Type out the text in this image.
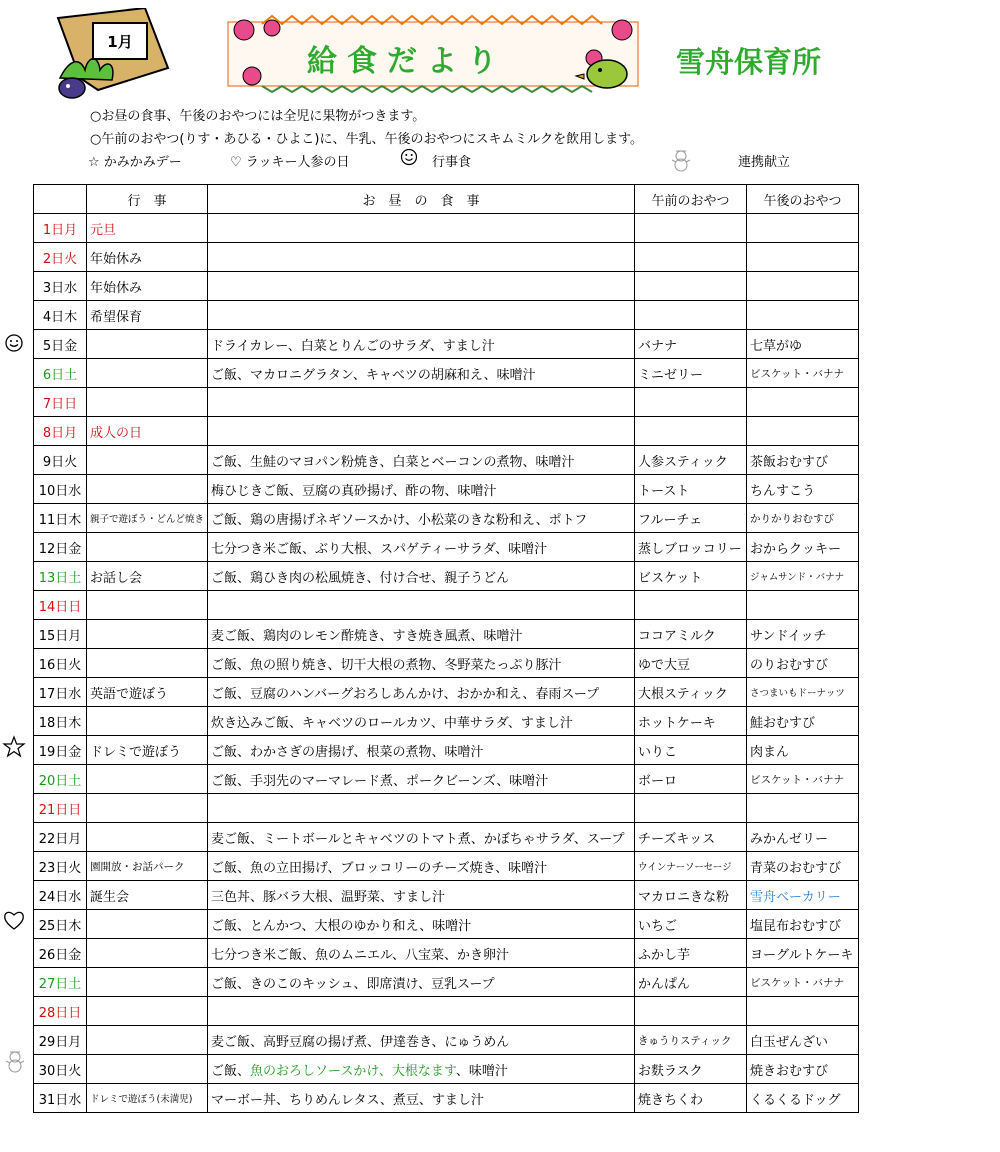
1月
給食だより	雪舟保育所
○お昼の食事、午後のおやつには全児に果物がつきます。
○午前のおやつ(りす・あひる・ひよこ)に、牛乳、午後のおやつにスキムミルクを飲用します。
☆ かみかみデー	♡ ラッキー人参の日	行事食	連携献立
	行　事	お　昼　の　食　事	午前のおやつ	午後のおやつ
1日月	元旦			
2日火	年始休み			
3日水	年始休み			
4日木	希望保育			
5日金		ドライカレー、白菜とりんごのサラダ、すまし汁	バナナ	七草がゆ
6日土		ご飯、マカロニグラタン、キャベツの胡麻和え、味噌汁	ミニゼリー	ビスケット・バナナ
7日日				
8日月	成人の日			
9日火		ご飯、生鮭のマヨパン粉焼き、白菜とベーコンの煮物、味噌汁	人参スティック	茶飯おむすび
10日水		梅ひじきご飯、豆腐の真砂揚げ、酢の物、味噌汁	トースト	ちんすこう
11日木	親子で遊ぼう・どんど焼き	ご飯、鶏の唐揚げネギソースかけ、小松菜のきな粉和え、ポトフ	フルーチェ	かりかりおむすび
12日金		七分つき米ご飯、ぶり大根、スパゲティーサラダ、味噌汁	蒸しブロッコリー	おからクッキー
13日土	お話し会	ご飯、鶏ひき肉の松風焼き、付け合せ、親子うどん	ビスケット	ジャムサンド・バナナ
14日日				
15日月		麦ご飯、鶏肉のレモン酢焼き、すき焼き風煮、味噌汁	ココアミルク	サンドイッチ
16日火		ご飯、魚の照り焼き、切干大根の煮物、冬野菜たっぷり豚汁	ゆで大豆	のりおむすび
17日水	英語で遊ぼう	ご飯、豆腐のハンバーグおろしあんかけ、おかか和え、春雨スープ	大根スティック	さつまいもドーナッツ
18日木		炊き込みご飯、キャベツのロールカツ、中華サラダ、すまし汁	ホットケーキ	鮭おむすび
19日金	ドレミで遊ぼう	ご飯、わかさぎの唐揚げ、根菜の煮物、味噌汁	いりこ	肉まん
20日土		ご飯、手羽先のマーマレード煮、ポークビーンズ、味噌汁	ボーロ	ビスケット・バナナ
21日日				
22日月		麦ご飯、ミートボールとキャベツのトマト煮、かぼちゃサラダ、スープ	チーズキッス	みかんゼリー
23日火	園開放・お話パーク	ご飯、魚の立田揚げ、ブロッコリーのチーズ焼き、味噌汁	ウインナーソーセージ	青菜のおむすび
24日水	誕生会	三色丼、豚バラ大根、温野菜、すまし汁	マカロニきな粉	雪舟ベーカリー
25日木		ご飯、とんかつ、大根のゆかり和え、味噌汁	いちご	塩昆布おむすび
26日金		七分つき米ご飯、魚のムニエル、八宝菜、かき卵汁	ふかし芋	ヨーグルトケーキ
27日土		ご飯、きのこのキッシュ、即席漬け、豆乳スープ	かんぱん	ビスケット・バナナ
28日日				
29日月		麦ご飯、高野豆腐の揚げ煮、伊達巻き、にゅうめん	きゅうりスティック	白玉ぜんざい
30日火		ご飯、魚のおろしソースかけ、大根なます、味噌汁	お麩ラスク	焼きおむすび
31日水	ドレミで遊ぼう(未満児)	マーボー丼、ちりめんレタス、煮豆、すまし汁	焼きちくわ	くるくるドッグ
